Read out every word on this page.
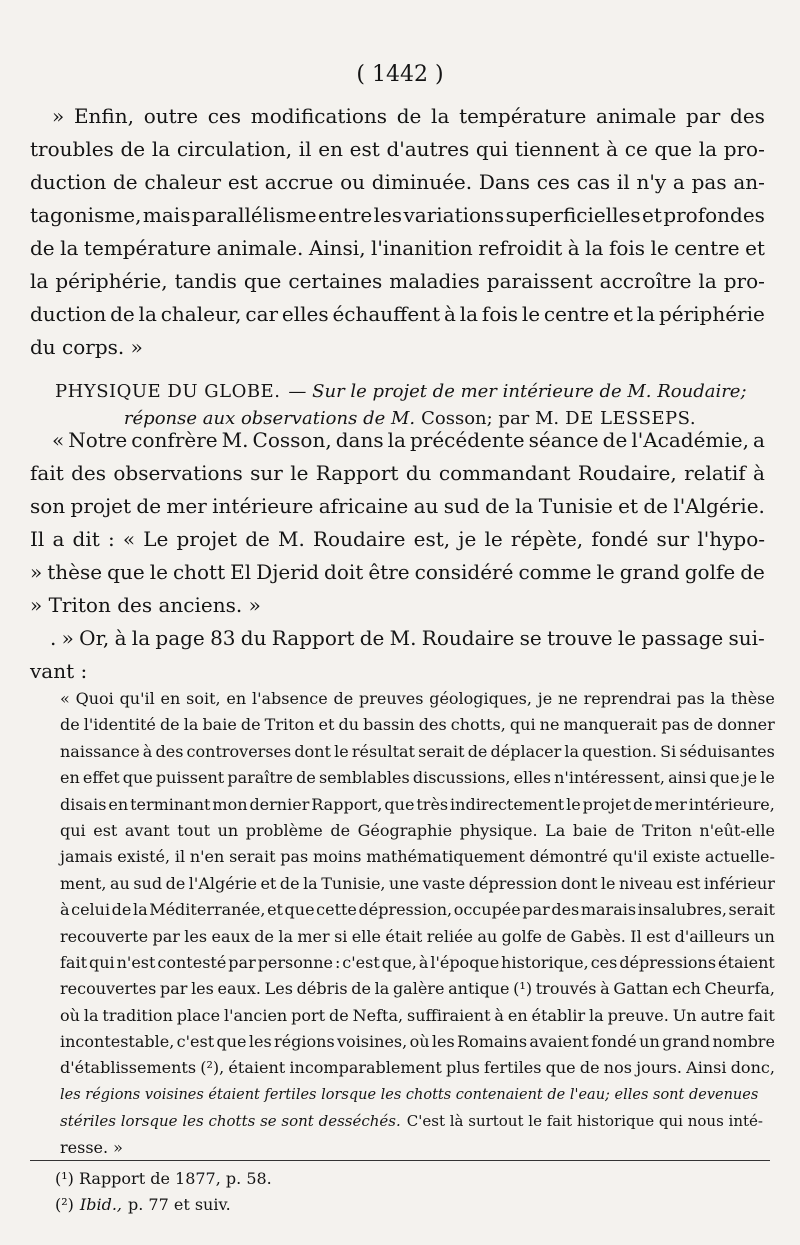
( 1442 )
» Enfin, outre ces modifications de la température animale par des
troubles de la circulation, il en est d'autres qui tiennent à ce que la pro-
duction de chaleur est accrue ou diminuée. Dans ces cas il n'y a pas an-
tagonisme, mais parallélisme entre les variations superficielles et profondes
de la température animale. Ainsi, l'inanition refroidit à la fois le centre et
la périphérie, tandis que certaines maladies paraissent accroître la pro-
duction de la chaleur, car elles échauffent à la fois le centre et la périphérie
du corps. »
PHYSIQUE DU GLOBE. — Sur le projet de mer intérieure de M. Roudaire;
réponse aux observations de M. Cosson; par M. DE LESSEPS.
« Notre confrère M. Cosson, dans la précédente séance de l'Académie, a
fait des observations sur le Rapport du commandant Roudaire, relatif à
son projet de mer intérieure africaine au sud de la Tunisie et de l'Algérie.
Il a dit : « Le projet de M. Roudaire est, je le répète, fondé sur l'hypo-
» thèse que le chott El Djerid doit être considéré comme le grand golfe de
» Triton des anciens. »
. » Or, à la page 83 du Rapport de M. Roudaire se trouve le passage sui-
vant :
« Quoi qu'il en soit, en l'absence de preuves géologiques, je ne reprendrai pas la thèse
de l'identité de la baie de Triton et du bassin des chotts, qui ne manquerait pas de donner
naissance à des controverses dont le résultat serait de déplacer la question. Si séduisantes
en effet que puissent paraître de semblables discussions, elles n'intéressent, ainsi que je le
disais en terminant mon dernier Rapport, que très indirectement le projet de mer intérieure,
qui est avant tout un problème de Géographie physique. La baie de Triton n'eût-elle
jamais existé, il n'en serait pas moins mathématiquement démontré qu'il existe actuelle-
ment, au sud de l'Algérie et de la Tunisie, une vaste dépression dont le niveau est inférieur
à celui de la Méditerranée, et que cette dépression, occupée par des marais insalubres, serait
recouverte par les eaux de la mer si elle était reliée au golfe de Gabès. Il est d'ailleurs un
fait qui n'est contesté par personne : c'est que, à l'époque historique, ces dépressions étaient
recouvertes par les eaux. Les débris de la galère antique (¹) trouvés à Gattan ech Cheurfa,
où la tradition place l'ancien port de Nefta, suffiraient à en établir la preuve. Un autre fait
incontestable, c'est que les régions voisines, où les Romains avaient fondé un grand nombre
d'établissements (²), étaient incomparablement plus fertiles que de nos jours. Ainsi donc,
les régions voisines étaient fertiles lorsque les chotts contenaient de l'eau; elles sont devenues
stériles lorsque les chotts se sont desséchés. C'est là surtout le fait historique qui nous inté-
resse. »
(¹) Rapport de 1877, p. 58.
(²) Ibid., p. 77 et suiv.
